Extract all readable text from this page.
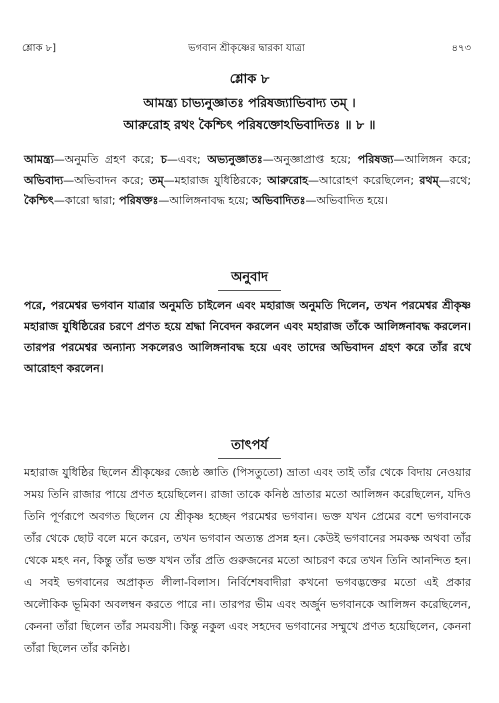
শ্লোক ৮]	ভগবান শ্রীকৃষ্ণের দ্বারকা যাত্রা	৪৭৩
শ্লোক ৮
আমন্ত্র্য চাভ্যনুজ্ঞাতঃ পরিষজ্যাভিবাদ্য তম্ ।
আরুরোহ রথং কৈশ্চিৎ পরিষক্তোঽভিবাদিতঃ ॥ ৮ ॥
আমন্ত্র্য—অনুমতি গ্রহণ করে; চ—এবং; অভ্যনুজ্ঞাতঃ—অনুজ্ঞাপ্রাপ্ত হয়ে; পরিষজ্য—আলিঙ্গন করে; অভিবাদ্য—অভিবাদন করে; তম্—মহারাজ যুধিষ্ঠিরকে; আরুরোহ—আরোহণ করেছিলেন; রথম্—রথে; কৈশ্চিৎ—কারো দ্বারা; পরিষক্তঃ—আলিঙ্গনাবদ্ধ হয়ে; অভিবাদিতঃ—অভিবাদিত হয়ে।
অনুবাদ
পরে, পরমেশ্বর ভগবান যাত্রার অনুমতি চাইলেন এবং মহারাজ অনুমতি দিলেন, তখন পরমেশ্বর শ্রীকৃষ্ণ মহারাজ যুধিষ্ঠিরের চরণে প্রণত হয়ে শ্রদ্ধা নিবেদন করলেন এবং মহারাজ তাঁকে আলিঙ্গনাবদ্ধ করলেন। তারপর পরমেশ্বর অন্যান্য সকলেরও আলিঙ্গনাবদ্ধ হয়ে এবং তাদের অভিবাদন গ্রহণ করে তাঁর রথে আরোহণ করলেন।
তাৎপর্য
মহারাজ যুধিষ্ঠির ছিলেন শ্রীকৃষ্ণের জ্যেষ্ঠ জ্ঞাতি (পিসতুতো) ভ্রাতা এবং তাই তাঁর থেকে বিদায় নেওয়ার সময় তিনি রাজার পায়ে প্রণত হয়েছিলেন। রাজা তাকে কনিষ্ঠ ভ্রাতার মতো আলিঙ্গন করেছিলেন, যদিও তিনি পূর্ণরূপে অবগত ছিলেন যে শ্রীকৃষ্ণ হচ্ছেন পরমেশ্বর ভগবান। ভক্ত যখন প্রেমের বশে ভগবানকে তাঁর থেকে ছোট বলে মনে করেন, তখন ভগবান অত্যন্ত প্রসন্ন হন। কেউই ভগবানের সমকক্ষ অথবা তাঁর থেকে মহৎ নন, কিন্তু তাঁর ভক্ত যখন তাঁর প্রতি গুরুজনের মতো আচরণ করে তখন তিনি আনন্দিত হন। এ সবই ভগবানের অপ্রাকৃত লীলা-বিলাস। নির্বিশেষবাদীরা কখনো ভগবদ্ভক্তের মতো এই প্রকার অলৌকিক ভূমিকা অবলম্বন করতে পারে না। তারপর ভীম এবং অর্জুন ভগবানকে আলিঙ্গন করেছিলেন, কেননা তাঁরা ছিলেন তাঁর সমবয়সী। কিন্তু নকুল এবং সহদেব ভগবানের সম্মুখে প্রণত হয়েছিলেন, কেননা তাঁরা ছিলেন তাঁর কনিষ্ঠ।
